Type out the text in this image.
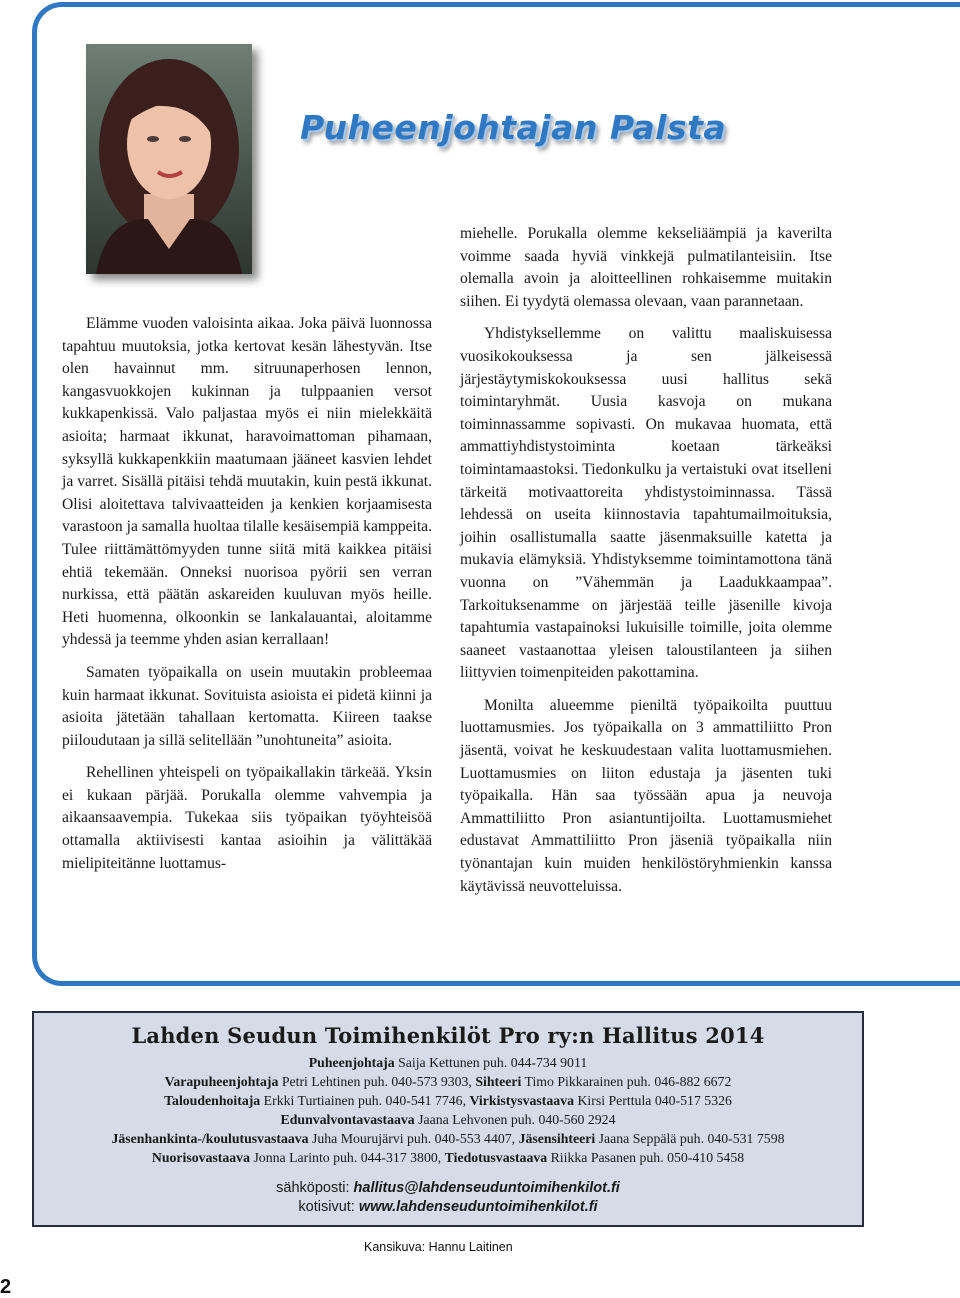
Puheenjohtajan Palsta

Elämme vuoden valoisinta aikaa. Joka päivä luonnossa tapahtuu muutoksia, jotka kertovat kesän lähestyvän. Itse olen havainnut mm. sitruunaperhosen lennon, kangasvuokkojen kukinnan ja tulppaanien versot kukkapenkissä. Valo paljastaa myös ei niin mielekkäitä asioita; harmaat ikkunat, haravoimattoman pihamaan, syksyllä kukkapenkkiin maatumaan jääneet kasvien lehdet ja varret. Sisällä pitäisi tehdä muutakin, kuin pestä ikkunat. Olisi aloitettava talvivaatteiden ja kenkien korjaamisesta varastoon ja samalla huoltaa tilalle kesäisempiä kamppeita. Tulee riittämättömyyden tunne siitä mitä kaikkea pitäisi ehtiä tekemään. Onneksi nuorisoa pyörii sen verran nurkissa, että päätän askareiden kuuluvan myös heille. Heti huomenna, olkoonkin se lankalauantai, aloitamme yhdessä ja teemme yhden asian kerrallaan!

Samaten työpaikalla on usein muutakin probleemaa kuin harmaat ikkunat. Sovituista asioista ei pidetä kiinni ja asioita jätetään tahallaan kertomatta. Kiireen taakse piiloudutaan ja sillä selitellään ”unohtuneita” asioita.

Rehellinen yhteispeli on työpaikallakin tärkeää. Yksin ei kukaan pärjää. Porukalla olemme vahvempia ja aikaansaavempia. Tukekaa siis työpaikan työyhteisöä ottamalla aktiivisesti kantaa asioihin ja välittäkää mielipiteitänne luottamus-

miehelle. Porukalla olemme kekseliäämpiä ja kaverilta voimme saada hyviä vinkkejä pulmatilanteisiin. Itse olemalla avoin ja aloitteellinen rohkaisemme muitakin siihen. Ei tyydytä olemassa olevaan, vaan parannetaan.

Yhdistyksellemme on valittu maaliskuisessa vuosikokouksessa ja sen jälkeisessä järjestäytymiskokouksessa uusi hallitus sekä toimintaryhmät. Uusia kasvoja on mukana toiminnassamme sopivasti. On mukavaa huomata, että ammattiyhdistystoiminta koetaan tärkeäksi toimintamaastoksi. Tiedonkulku ja vertaistuki ovat itselleni tärkeitä motivaattoreita yhdistystoiminnassa. Tässä lehdessä on useita kiinnostavia tapahtumailmoituksia, joihin osallistumalla saatte jäsenmaksuille katetta ja mukavia elämyksiä. Yhdistyksemme toimintamottona tänä vuonna on ”Vähemmän ja Laadukkaampaa”. Tarkoituksenamme on järjestää teille jäsenille kivoja tapahtumia vastapainoksi lukuisille toimille, joita olemme saaneet vastaanottaa yleisen taloustilanteen ja siihen liittyvien toimenpiteiden pakottamina.

Monilta alueemme pieniltä työpaikoilta puuttuu luottamusmies. Jos työpaikalla on 3 ammattiliitto Pron jäsentä, voivat he keskuudestaan valita luottamusmiehen. Luottamusmies on liiton edustaja ja jäsenten tuki työpaikalla. Hän saa työssään apua ja neuvoja Ammattiliitto Pron asiantuntijoilta. Luottamusmiehet edustavat Ammattiliitto Pron jäseniä työpaikalla niin työnantajan kuin muiden henkilöstöryhmienkin kanssa käytävissä neuvotteluissa.

Lahden Seudun Toimihenkilöt Pro ry:n Hallitus 2014
Puheenjohtaja Saija Kettunen puh. 044-734 9011
Varapuheenjohtaja Petri Lehtinen puh. 040-573 9303, Sihteeri Timo Pikkarainen puh. 046-882 6672
Taloudenhoitaja Erkki Turtiainen puh. 040-541 7746, Virkistysvastaava Kirsi Perttula 040-517 5326
Edunvalvontavastaava Jaana Lehvonen puh. 040-560 2924
Jäsenhankinta-/koulutusvastaava Juha Mourujärvi puh. 040-553 4407, Jäsensihteeri Jaana Seppälä puh. 040-531 7598
Nuorisovastaava Jonna Larinto puh. 044-317 3800, Tiedotusvastaava Riikka Pasanen puh. 050-410 5458
sähköposti: hallitus@lahdenseuduntoimihenkilot.fi
kotisivut: www.lahdenseuduntoimihenkilot.fi
Kansikuva: Hannu Laitinen
2
